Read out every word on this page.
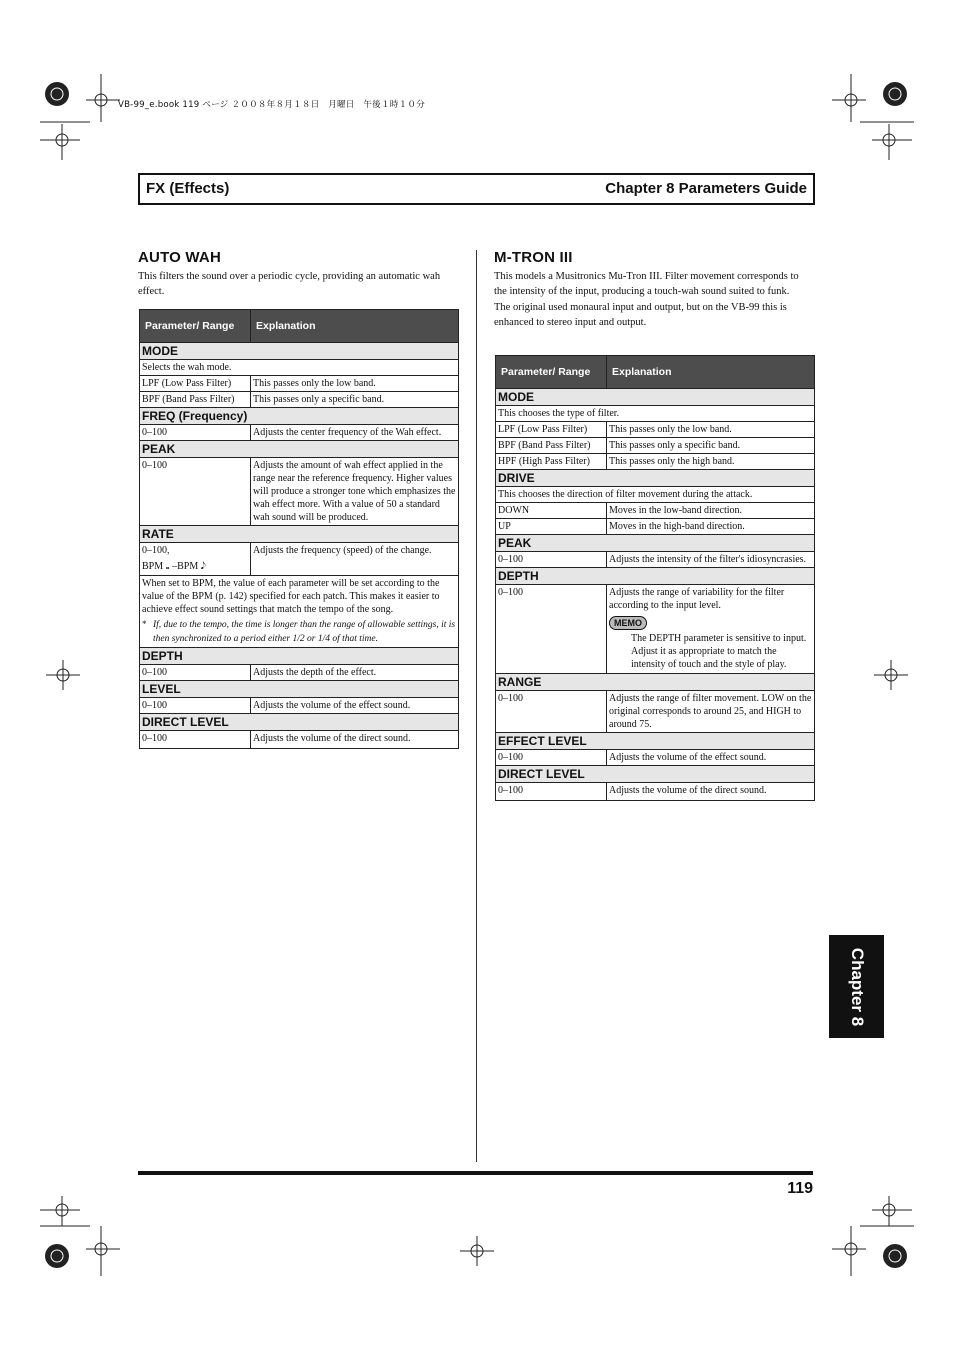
VB-99_e.book 119 ページ ２００８年８月１８日　月曜日　午後１時１０分
FX (Effects)	Chapter 8 Parameters Guide
AUTO WAH
This filters the sound over a periodic cycle, providing an automatic wah effect.
Parameter/ Range	Explanation
MODE	
Selects the wah mode.	
LPF (Low Pass Filter)	This passes only the low band.
BPF (Band Pass Filter)	This passes only a specific band.
FREQ (Frequency)	
0–100	Adjusts the center frequency of the Wah effect.
PEAK	
0–100	Adjusts the amount of wah effect applied in the range near the reference frequency. Higher values will produce a stronger tone which emphasizes the wah effect more. With a value of 50 a standard wah sound will be produced.
RATE	

0–100,
BPM 𝅝 –BPM 𝅘𝅥𝅮	Adjusts the frequency (speed) of the change.

When set to BPM, the value of each parameter will be set according to the value of the BPM (p. 142) specified for each patch. This makes it easier to achieve effect sound settings that match the tempo of the song.
* If, due to the tempo, the time is longer than the range of allowable settings, it is then synchronized to a period either 1/2 or 1/4 of that time.	

DEPTH	
0–100	Adjusts the depth of the effect.
LEVEL	
0–100	Adjusts the volume of the effect sound.
DIRECT LEVEL	
0–100	Adjusts the volume of the direct sound.
M-TRON III
This models a Musitronics Mu-Tron III. Filter movement corresponds to the intensity of the input, producing a touch-wah sound suited to funk.
The original used monaural input and output, but on the VB-99 this is enhanced to stereo input and output.
Parameter/ Range	Explanation
MODE	
This chooses the type of filter.	
LPF (Low Pass Filter)	This passes only the low band.
BPF (Band Pass Filter)	This passes only a specific band.
HPF (High Pass Filter)	This passes only the high band.
DRIVE	
This chooses the direction of filter movement during the attack.	
DOWN	Moves in the low-band direction.
UP	Moves in the high-band direction.
PEAK	
0–100	Adjusts the intensity of the filter's idiosyncrasies.
DEPTH	
0–100	Adjusts the range of variability for the filter according to the input level.
MEMO
The DEPTH parameter is sensitive to input. Adjust it as appropriate to match the intensity of touch and the style of play.

RANGE	
0–100	Adjusts the range of filter movement. LOW on the original corresponds to around 25, and HIGH to around 75.
EFFECT LEVEL	
0–100	Adjusts the volume of the effect sound.
DIRECT LEVEL	
0–100	Adjusts the volume of the direct sound.
119
Chapter 8
